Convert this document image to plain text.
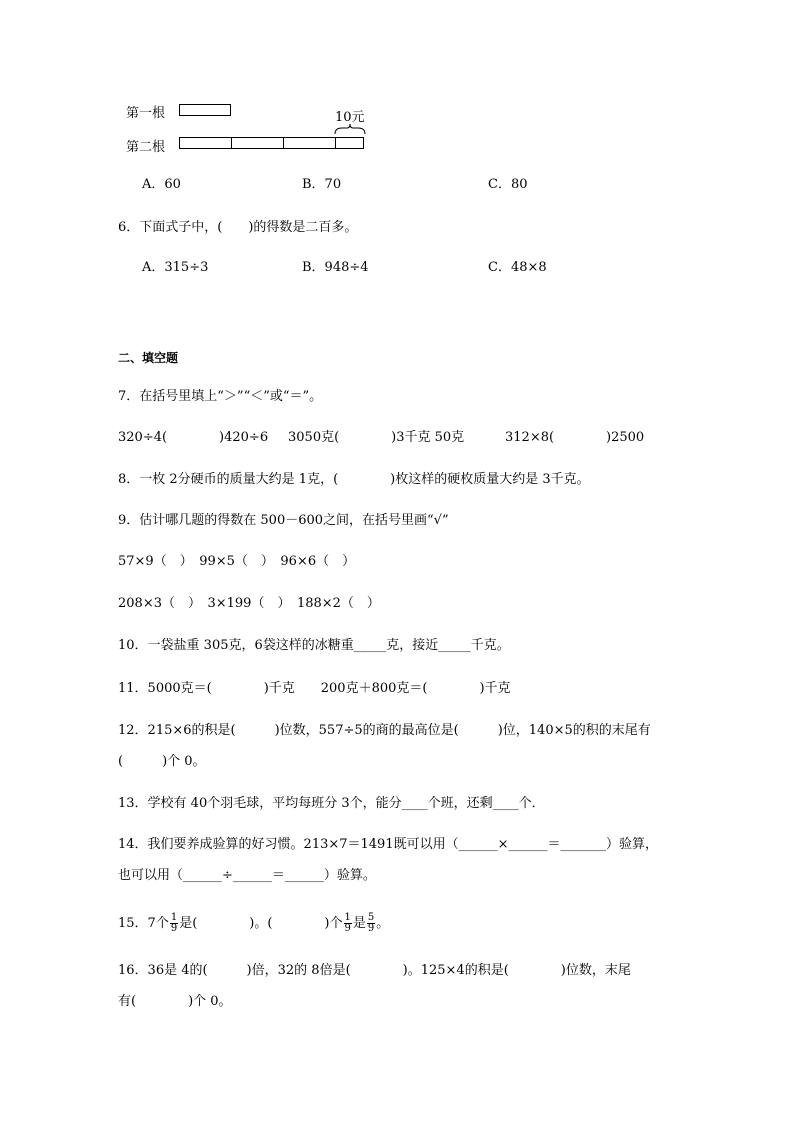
第一根	10元
第二根
A．60	B．70	C．80
6．下面式子中，(　　)的得数是二百多。
A．315÷3	B．948÷4	C．48×8
二、填空题
7．在括号里填上“＞”“＜”或“＝”。
320÷4(　　　　)420÷6 3050克(　　　　)3千克 50克	312×8(　　　　)2500
8．一枚 2分硬币的质量大约是 1克，(　　　　)枚这样的硬枚质量大约是 3千克。
9．估计哪几题的得数在 500－600之间，在括号里画“√”
57×9（　）　99×5（　）　96×6（　）
208×3（　）　3×199（　）　188×2（　）
10．一袋盐重 305克，6袋这样的冰糖重_____克，接近_____千克。
11．5000克＝(　　　　)千克　　200克＋800克＝(　　　　)千克
12．215×6的积是(　　　)位数，557÷5的商的最高位是(　　　)位，140×5的积的末尾有
(　　　)个 0。
13．学校有 40个羽毛球，平均每班分 3个，能分____个班，还剩____个．
14．我们要养成验算的好习惯。213×7＝1491既可以用（______×______＝_______）验算，
也可以用（______÷______＝______）验算。
15．7个 $\frac{1}{9}$ 是(　　　　)。(　　　　)个 $\frac{1}{9}$ 是 $\frac{5}{9}$ 。
16．36是 4的(　　　)倍，32的 8倍是(　　　　)。125×4的积是(　　　　)位数，末尾
有(　　　　)个 0。
